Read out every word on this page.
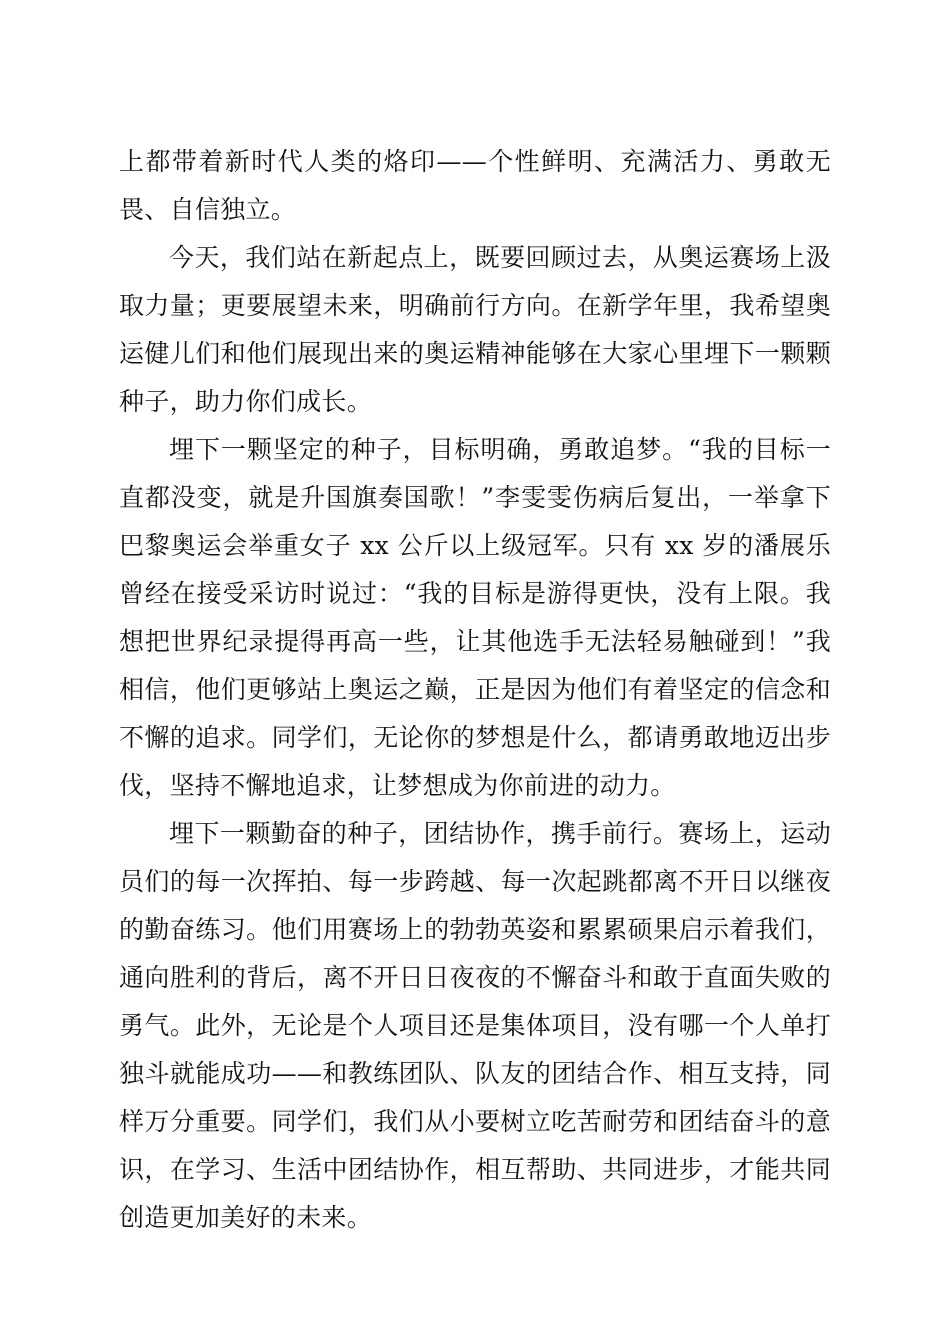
上都带着新时代人类的烙印——个性鲜明、充满活力、勇敢无畏、自信独立。

今天，我们站在新起点上，既要回顾过去，从奥运赛场上汲取力量；更要展望未来，明确前行方向。在新学年里，我希望奥运健儿们和他们展现出来的奥运精神能够在大家心里埋下一颗颗种子，助力你们成长。

埋下一颗坚定的种子，目标明确，勇敢追梦。“我的目标一直都没变，就是升国旗奏国歌！”李雯雯伤病后复出，一举拿下巴黎奥运会举重女子 xx 公斤以上级冠军。只有 xx 岁的潘展乐曾经在接受采访时说过：“我的目标是游得更快，没有上限。我想把世界纪录提得再高一些，让其他选手无法轻易触碰到！”我相信，他们更够站上奥运之巅，正是因为他们有着坚定的信念和不懈的追求。同学们，无论你的梦想是什么，都请勇敢地迈出步伐，坚持不懈地追求，让梦想成为你前进的动力。

埋下一颗勤奋的种子，团结协作，携手前行。赛场上，运动员们的每一次挥拍、每一步跨越、每一次起跳都离不开日以继夜的勤奋练习。他们用赛场上的勃勃英姿和累累硕果启示着我们，通向胜利的背后，离不开日日夜夜的不懈奋斗和敢于直面失败的勇气。此外，无论是个人项目还是集体项目，没有哪一个人单打独斗就能成功——和教练团队、队友的团结合作、相互支持，同样万分重要。同学们，我们从小要树立吃苦耐劳和团结奋斗的意识，在学习、生活中团结协作，相互帮助、共同进步，才能共同创造更加美好的未来。
